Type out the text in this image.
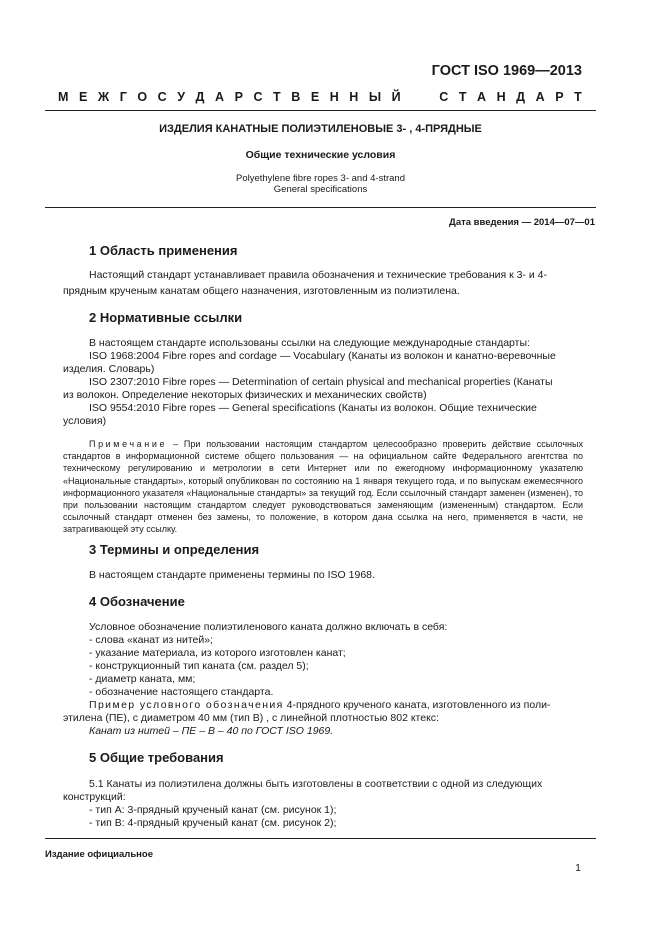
ГОСТ ISO 1969—2013
М Е Ж Г О С У Д А Р С Т В Е Н Н Ы Й

	С Т А Н Д А Р Т
ИЗДЕЛИЯ КАНАТНЫЕ ПОЛИЭТИЛЕНОВЫЕ 3- , 4-ПРЯДНЫЕ
Общие технические условия
Polyethylene fibre ropes 3- and 4-strand
General specifications
Дата введения — 2014—07—01
1 Область применения
Настоящий стандарт устанавливает правила обозначения и технические требования к 3- и 4-
прядным крученым канатам общего назначения, изготовленным из полиэтилена.
2 Нормативные ссылки
В настоящем стандарте использованы ссылки на следующие международные стандарты:
ISO 1968:2004 Fibre ropes and cordage — Vocabulary (Канаты из волокон и канатно-веревочные
изделия. Словарь)
ISO 2307:2010 Fibre ropes — Determination of certain physical and mechanical properties (Канаты
из волокон. Определение некоторых физических и механических свойств)
ISO 9554:2010 Fibre ropes — General specifications (Канаты из волокон. Общие технические
условия)
Примечание – При пользовании настоящим стандартом целесообразно проверить действие ссылочных стандартов в информационной системе общего пользования — на официальном сайте Федерального агентства по техническому регулированию и метрологии в сети Интернет или по ежегодному информационному указателю «Национальные стандарты», который опубликован по состоянию на 1 января текущего года, и по выпускам ежемесячного информационного указателя «Национальные стандарты» за текущий год. Если ссылочный стандарт заменен (изменен), то при пользовании настоящим стандартом следует руководствоваться заменяющим (измененным) стандартом. Если ссылочный стандарт отменен без замены, то положение, в котором дана ссылка на него, применяется в части, не затрагивающей эту ссылку.
3 Термины и определения
В настоящем стандарте применены термины по ISO 1968.
4 Обозначение
Условное обозначение полиэтиленового каната должно включать в себя:
- слова «канат из нитей»;
- указание материала, из которого изготовлен канат;
- конструкционный тип каната (см. раздел 5);
- диаметр каната, мм;
- обозначение настоящего стандарта.
Пример условного обозначения 4-прядного крученого каната, изготовленного из поли-
этилена (ПЕ), с диаметром 40 мм (тип В) , с линейной плотностью 802 ктекс:
Канат из нитей – ПЕ – В – 40 по ГОСТ ISO 1969.
5 Общие требования
5.1 Канаты из полиэтилена должны быть изготовлены в соответствии с одной из следующих
конструкций:
- тип А: 3-прядный крученый канат (см. рисунок 1);
- тип В: 4-прядный крученый канат (см. рисунок 2);
Издание официальное
1
